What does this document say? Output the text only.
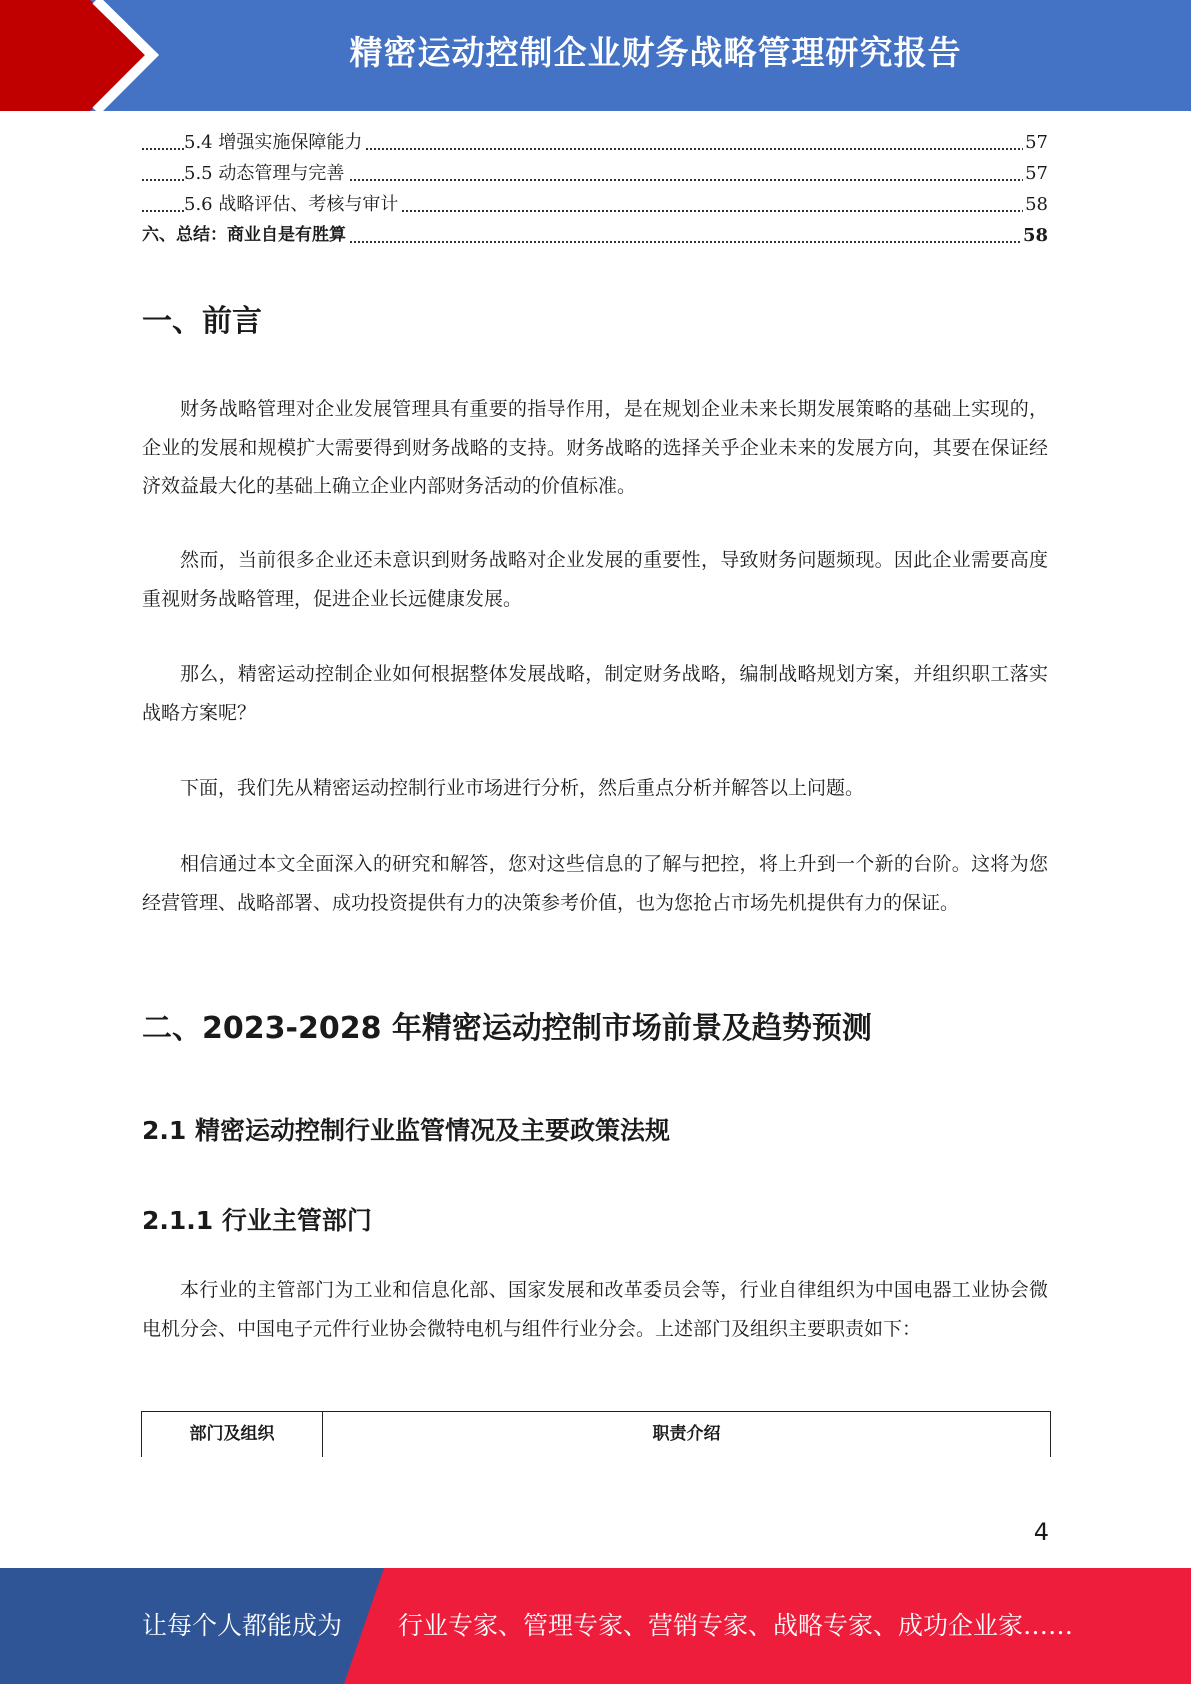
精密运动控制企业财务战略管理研究报告
5.4 增强实施保障能力	57
5.5 动态管理与完善	57
5.6 战略评估、考核与审计	58
六、总结：商业自是有胜算	58
一、前言
财务战略管理对企业发展管理具有重要的指导作用，是在规划企业未来长期发展策略的基础上实现的，企业的发展和规模扩大需要得到财务战略的支持。财务战略的选择关乎企业未来的发展方向，其要在保证经济效益最大化的基础上确立企业内部财务活动的价值标准。
然而，当前很多企业还未意识到财务战略对企业发展的重要性，导致财务问题频现。因此企业需要高度重视财务战略管理，促进企业长远健康发展。
那么，精密运动控制企业如何根据整体发展战略，制定财务战略，编制战略规划方案，并组织职工落实战略方案呢？
下面，我们先从精密运动控制行业市场进行分析，然后重点分析并解答以上问题。
相信通过本文全面深入的研究和解答，您对这些信息的了解与把控，将上升到一个新的台阶。这将为您经营管理、战略部署、成功投资提供有力的决策参考价值，也为您抢占市场先机提供有力的保证。
二、2023-2028 年精密运动控制市场前景及趋势预测
2.1 精密运动控制行业监管情况及主要政策法规
2.1.1 行业主管部门
本行业的主管部门为工业和信息化部、国家发展和改革委员会等，行业自律组织为中国电器工业协会微电机分会、中国电子元件行业协会微特电机与组件行业分会。上述部门及组织主要职责如下：
部门及组织	职责介绍
4
让每个人都能成为 行业专家、管理专家、营销专家、战略专家、成功企业家……
